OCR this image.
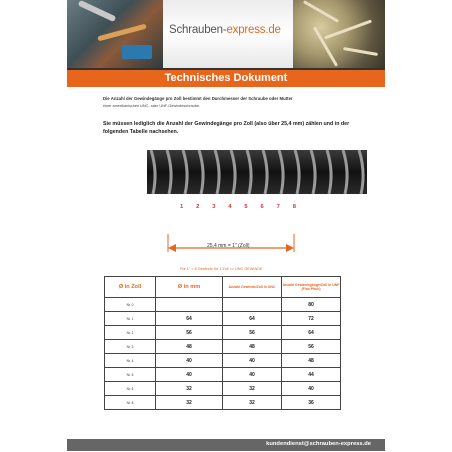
Schrauben-express.de
Technisches Dokument
Die Anzahl der Gewindegänge pro Zoll bestimmt den Durchmesser der Schraube oder Mutter
einer amerikanischen UNC- oder UNF-Gewindeschraube.
Sie müssen lediglich die Anzahl der Gewindegänge pro Zoll (also über 25,4 mm) zählen und in der folgenden Tabelle nachsehen.
1 2 3 4 5 6 7 8
25,4 mm = 1" (Zoll)
Für 1" = 8 Gewinde für 1 Zoll => UNC GEWINDE
Ø in Zoll	Ø in mm	Anzahl Gewinde/Zoll in UNC	Anzahl Gewindegänge/Zoll in UNF (Fine Pitch)
Nr. 0			80
Nr. 1	64	64	72
Nr. 2	56	56	64
Nr. 3	48	48	56
Nr. 4	40	40	48
Nr. 5	40	40	44
Nr. 6	32	32	40
Nr. 8	32	32	36
kundendienst@schrauben-express.de
